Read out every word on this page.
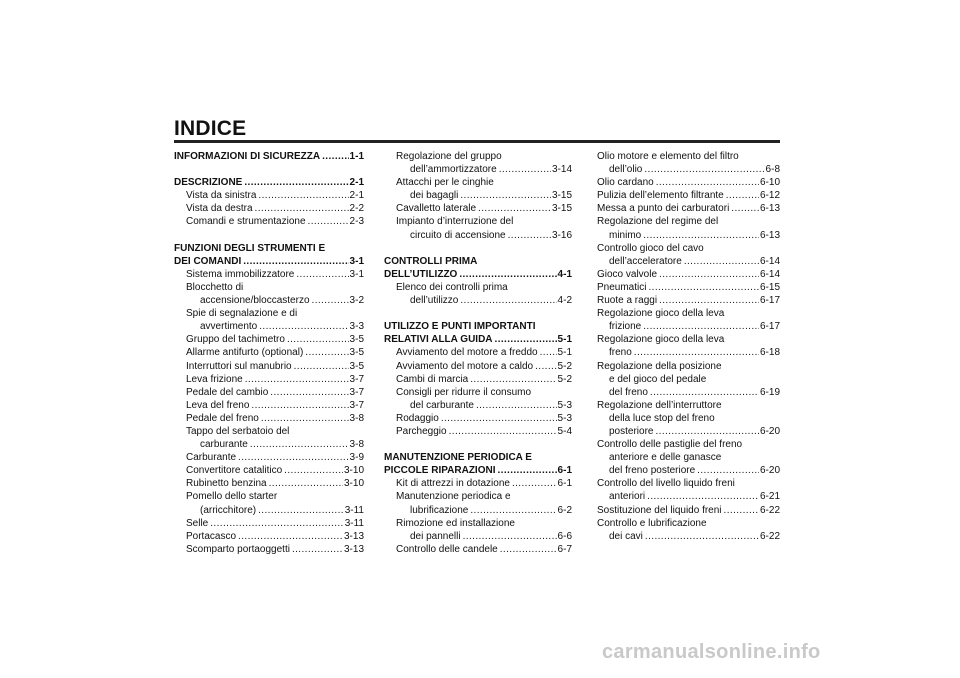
INDICE
INFORMAZIONI DI SICUREZZA .....	1-1
DESCRIZIONE .....	2-1
Vista da sinistra .....	2-1
Vista da destra .....	2-2
Comandi e strumentazione .....	2-3
FUNZIONI DEGLI STRUMENTI E
DEI COMANDI .....	3-1
Sistema immobilizzatore .....	3-1
Blocchetto di
accensione/bloccasterzo .....	3-2
Spie di segnalazione e di
avvertimento .....	3-3
Gruppo del tachimetro .....	3-5
Allarme antifurto (optional) .....	3-5
Interruttori sul manubrio .....	3-5
Leva frizione .....	3-7
Pedale del cambio .....	3-7
Leva del freno .....	3-7
Pedale del freno .....	3-8
Tappo del serbatoio del
carburante .....	3-8
Carburante .....	3-9
Convertitore catalitico .....	3-10
Rubinetto benzina .....	3-10
Pomello dello starter
(arricchitore) .....	3-11
Selle .....	3-11
Portacasco .....	3-13
Scomparto portaoggetti .....	3-13
Regolazione del gruppo
dell’ammortizzatore .....	3-14
Attacchi per le cinghie
dei bagagli .....	3-15
Cavalletto laterale .....	3-15
Impianto d’interruzione del
circuito di accensione .....	3-16
CONTROLLI PRIMA
DELL’UTILIZZO .....	4-1
Elenco dei controlli prima
dell’utilizzo .....	4-2
UTILIZZO E PUNTI IMPORTANTI
RELATIVI ALLA GUIDA .....	5-1
Avviamento del motore a freddo ..... 5-1
Avviamento del motore a caldo ..... 5-2
Cambi di marcia .....	5-2
Consigli per ridurre il consumo
del carburante .....	5-3
Rodaggio .....	5-3
Parcheggio .....	5-4
MANUTENZIONE PERIODICA E
PICCOLE RIPARAZIONI .....	6-1
Kit di attrezzi in dotazione .....	6-1
Manutenzione periodica e
lubrificazione .....	6-2
Rimozione ed installazione
dei pannelli .....	6-6
Controllo delle candele .....	6-7
Olio motore e elemento del filtro
dell’olio .....	6-8
Olio cardano .....	6-10
Pulizia dell’elemento filtrante .....	6-12
Messa a punto dei carburatori .....	6-13
Regolazione del regime del
minimo .....	6-13
Controllo gioco del cavo
dell’acceleratore .....	6-14
Gioco valvole .....	6-14
Pneumatici .....	6-15
Ruote a raggi .....	6-17
Regolazione gioco della leva
frizione .....	6-17
Regolazione gioco della leva
freno .....	6-18
Regolazione della posizione
e del gioco del pedale
del freno .....	6-19
Regolazione dell’interruttore
della luce stop del freno
posteriore .....	6-20
Controllo delle pastiglie del freno
anteriore e delle ganasce
del freno posteriore .....	6-20
Controllo del livello liquido freni
anteriori .....	6-21
Sostituzione del liquido freni .....	6-22
Controllo e lubrificazione
dei cavi .....	6-22
carmanualsonline.info
